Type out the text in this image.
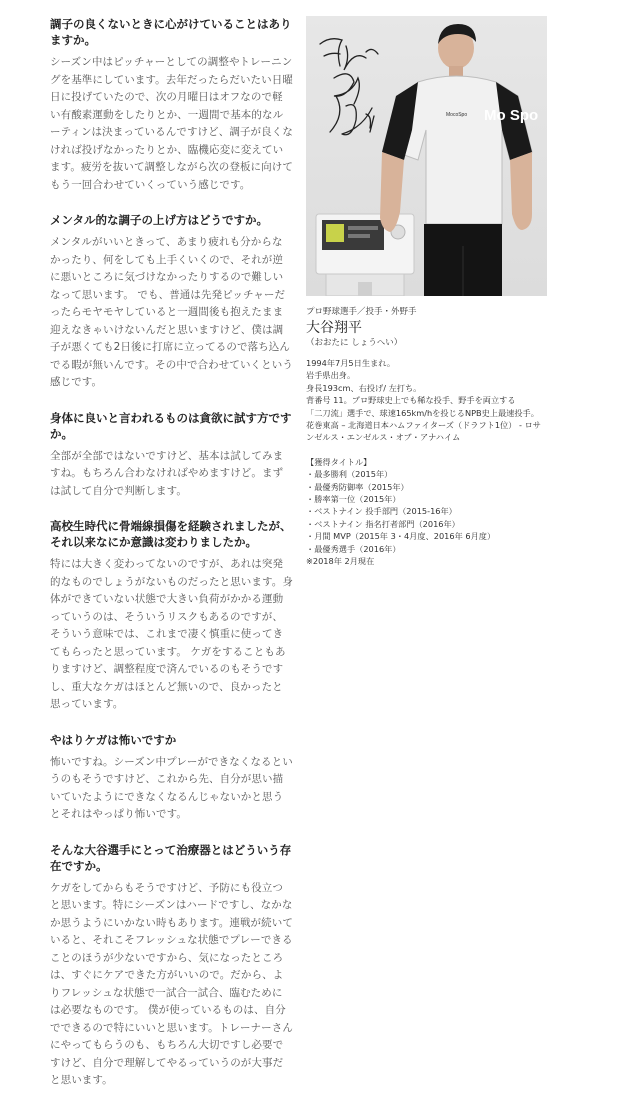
調子の良くないときに心がけていることはありますか。

シーズン中はピッチャーとしての調整やトレーニングを基準にしています。去年だったらだいたい日曜日に投げていたので、次の月曜日はオフなので軽い有酸素運動をしたりとか、一週間で基本的なルーティンは決まっているんですけど、調子が良くなければ投げなかったりとか、臨機応変に変えています。疲労を抜いて調整しながら次の登板に向けてもう一回合わせていくっていう感じです。

メンタル的な調子の上げ方はどうですか。

メンタルがいいときって、あまり疲れも分からなかったり、何をしても上手くいくので、それが逆に悪いところに気づけなかったりするので難しいなって思います。 でも、普通は先発ピッチャーだったらモヤモヤしていると一週間後も抱えたまま迎えなきゃいけないんだと思いますけど、僕は調子が悪くても2日後に打席に立ってるので落ち込んでる暇が無いんです。その中で合わせていくという感じです。

身体に良いと言われるものは貪欲に試す方ですか。

全部が全部ではないですけど、基本は試してみますね。もちろん合わなければやめますけど。まずは試して自分で判断します。

高校生時代に骨端線損傷を経験されましたが、それ以来なにか意識は変わりましたか。

特には大きく変わってないのですが、あれは突発的なものでしょうがないものだったと思います。身体ができていない状態で大きい負荷がかかる運動っていうのは、そういうリスクもあるのですが、そういう意味では、これまで凄く慎重に使ってきてもらったと思っています。 ケガをすることもありますけど、調整程度で済んでいるのもそうですし、重大なケガはほとんど無いので、良かったと思っています。

やはりケガは怖いですか

怖いですね。シーズン中プレーができなくなるというのもそうですけど、これから先、自分が思い描いていたようにできなくなるんじゃないかと思うとそれはやっぱり怖いです。

そんな大谷選手にとって治療器とはどういう存在ですか。

ケガをしてからもそうですけど、予防にも役立つと思います。特にシーズンはハードですし、なかなか思うようにいかない時もあります。連戦が続いていると、それこそフレッシュな状態でプレーできることのほうが少ないですから、気になったところは、すぐにケアできた方がいいので。だから、よりフレッシュな状態で一試合一試合、臨むためには必要なものです。 僕が使っているものは、自分でできるので特にいいと思います。トレーナーさんにやってもらうのも、もちろん大切ですし必要ですけど、自分で理解してやるっていうのが大事だと思います。

Mo Spo
MocoSpo
プロ野球選手／投手・外野手
大谷翔平
（おおたに しょうへい）
1994年7月5日生まれ。
岩手県出身。
身長193cm、右投げ/ 左打ち。
背番号 11。プロ野球史上でも稀な投手、野手を両立する
「二刀流」選手で、球速165km/hを投じるNPB史上最速投手。
花巻東高 – 北海道日本ハムファイターズ（ドラフト1位） - ロサ
ンゼルス・エンゼルス・オブ・アナハイム
【獲得タイトル】
・最多勝利（2015年）
・最優秀防御率（2015年）
・勝率第一位（2015年）
・ベストナイン 投手部門（2015-16年）
・ベストナイン 指名打者部門（2016年）
・月間 MVP（2015年 3・4月度、2016年 6月度）
・最優秀選手（2016年）
※2018年 2月現在
